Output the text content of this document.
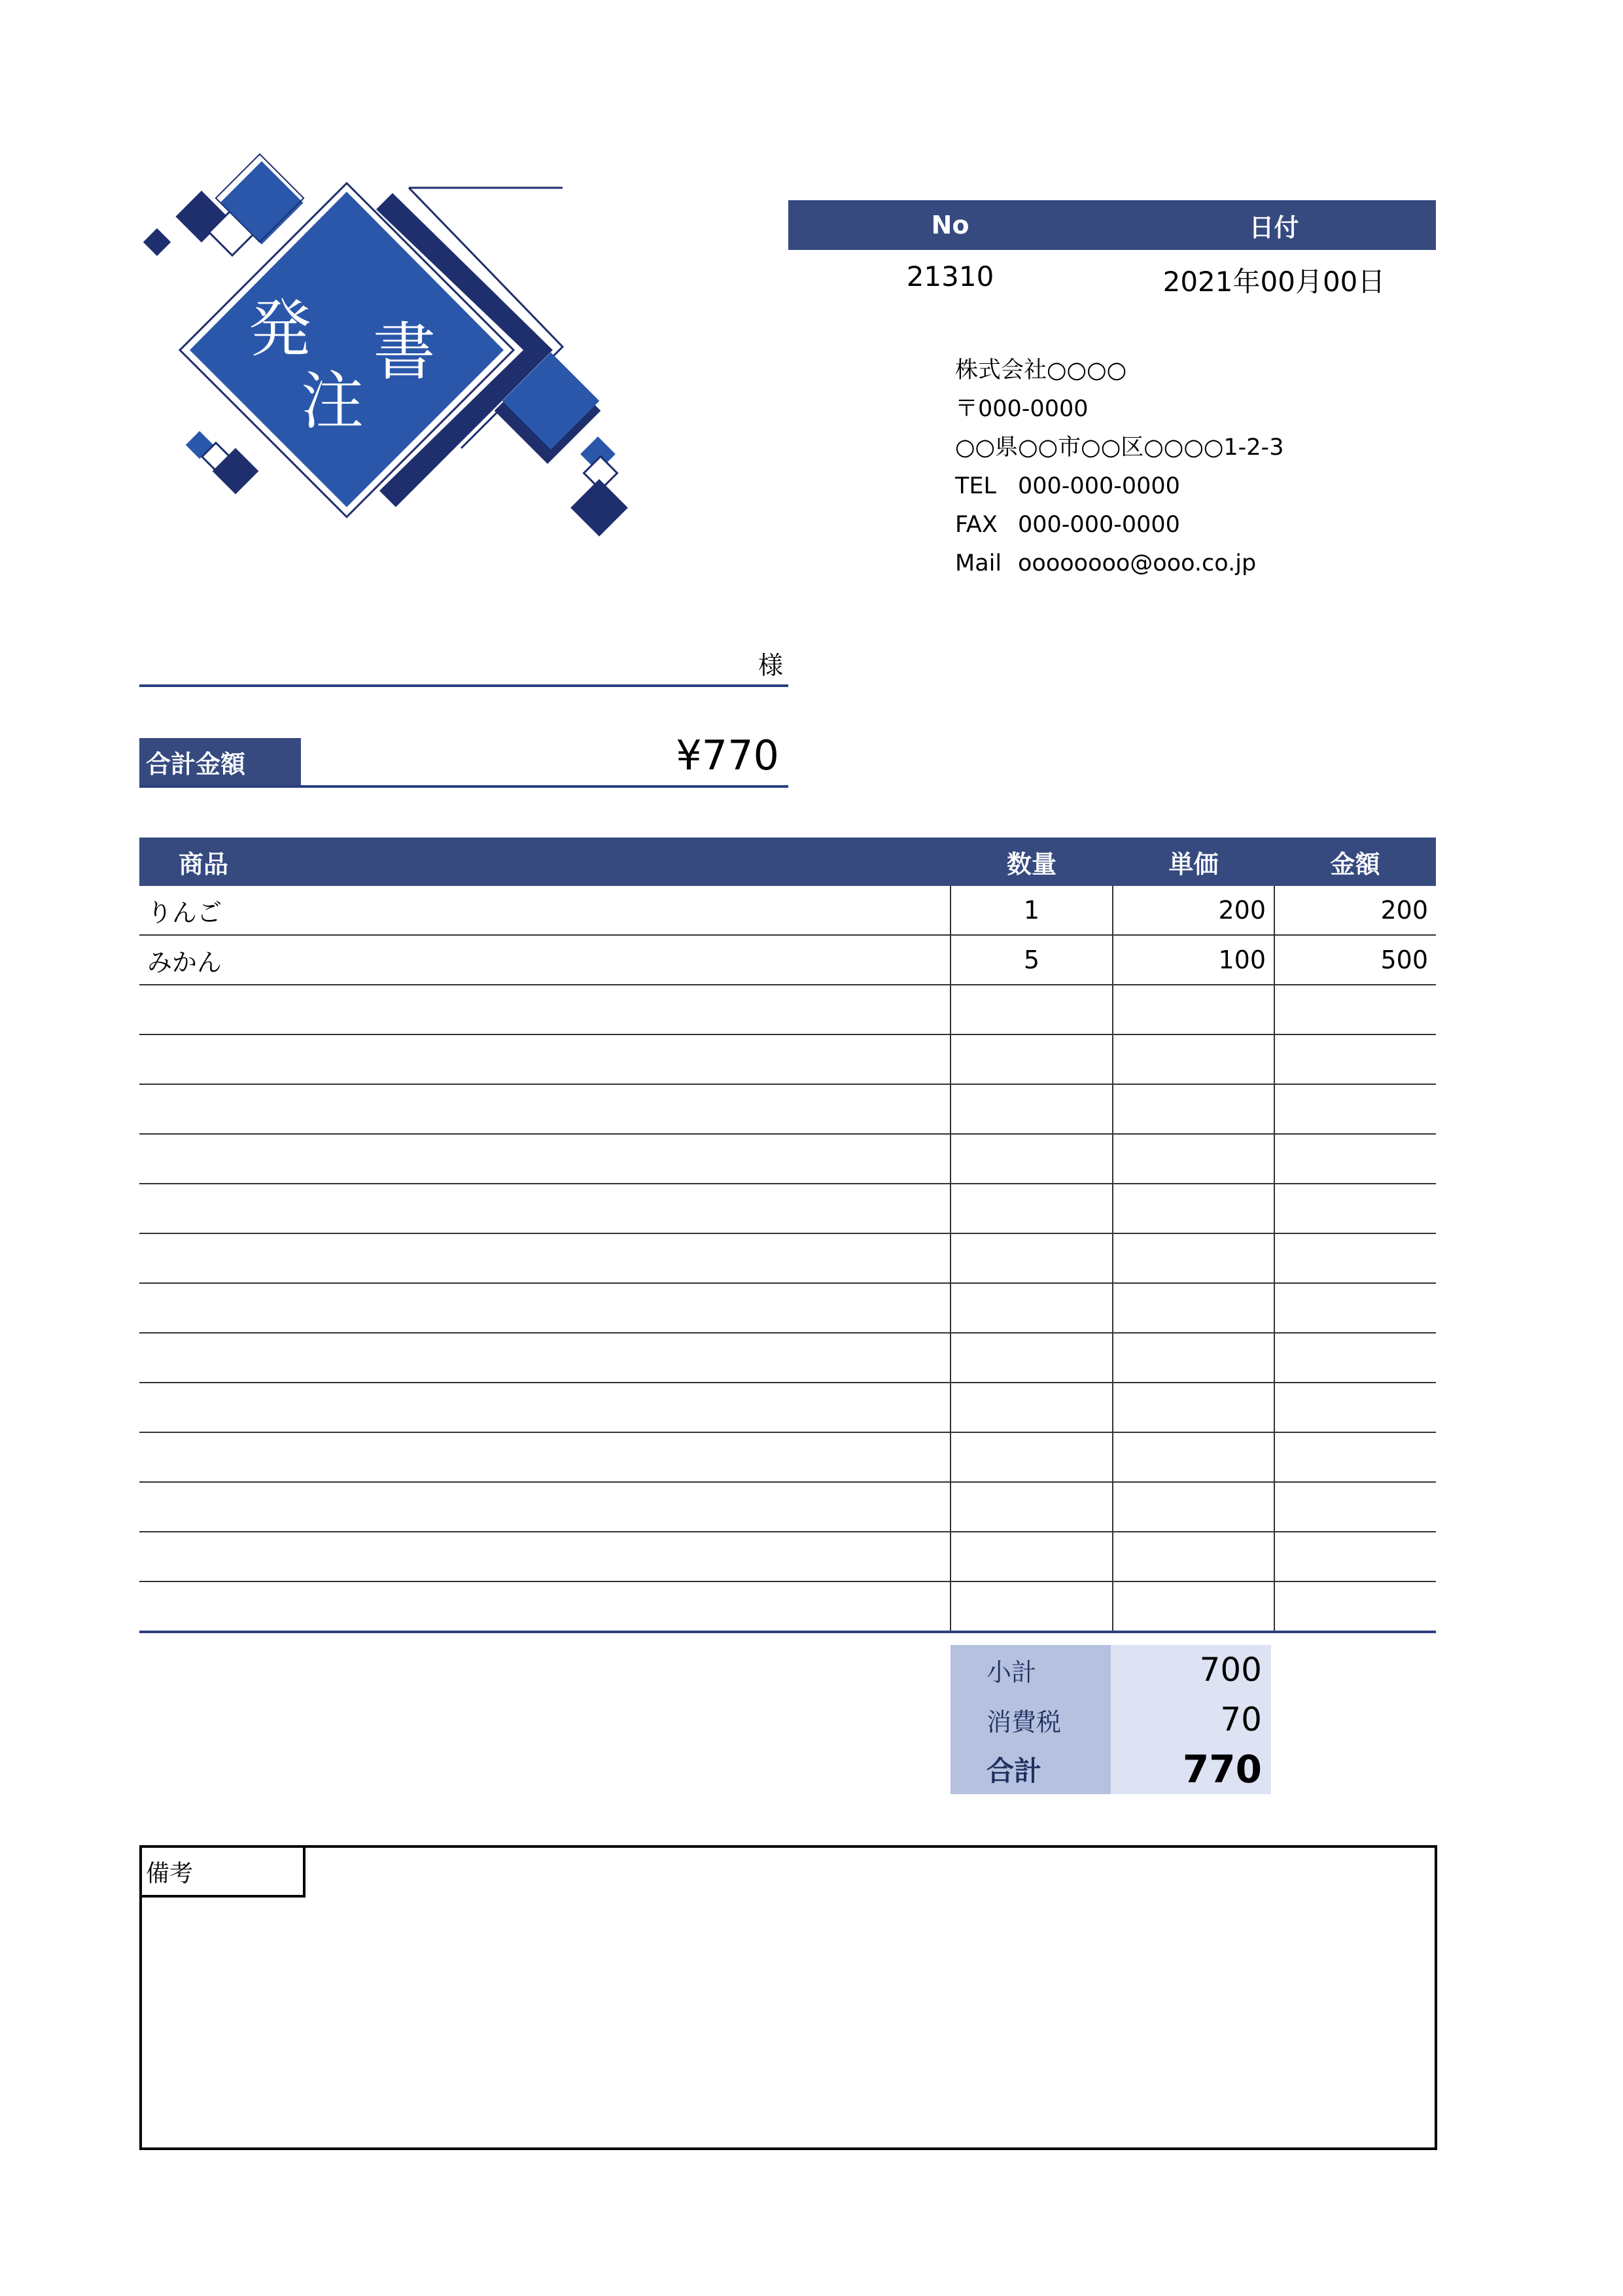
発
注
書
No	日付
21310	2021年00月00日
株式会社○○○○
〒000-0000
○○県○○市○○区○○○○1-2-3
TEL 000-000-0000
FAX 000-000-0000
Mail oooooooo@ooo.co.jp
様
合計金額	¥770
商品	数量	単価	金額
りんご	1	200	200
みかん	5	100	500

小計	700
消費税	70
合計	770
備考
